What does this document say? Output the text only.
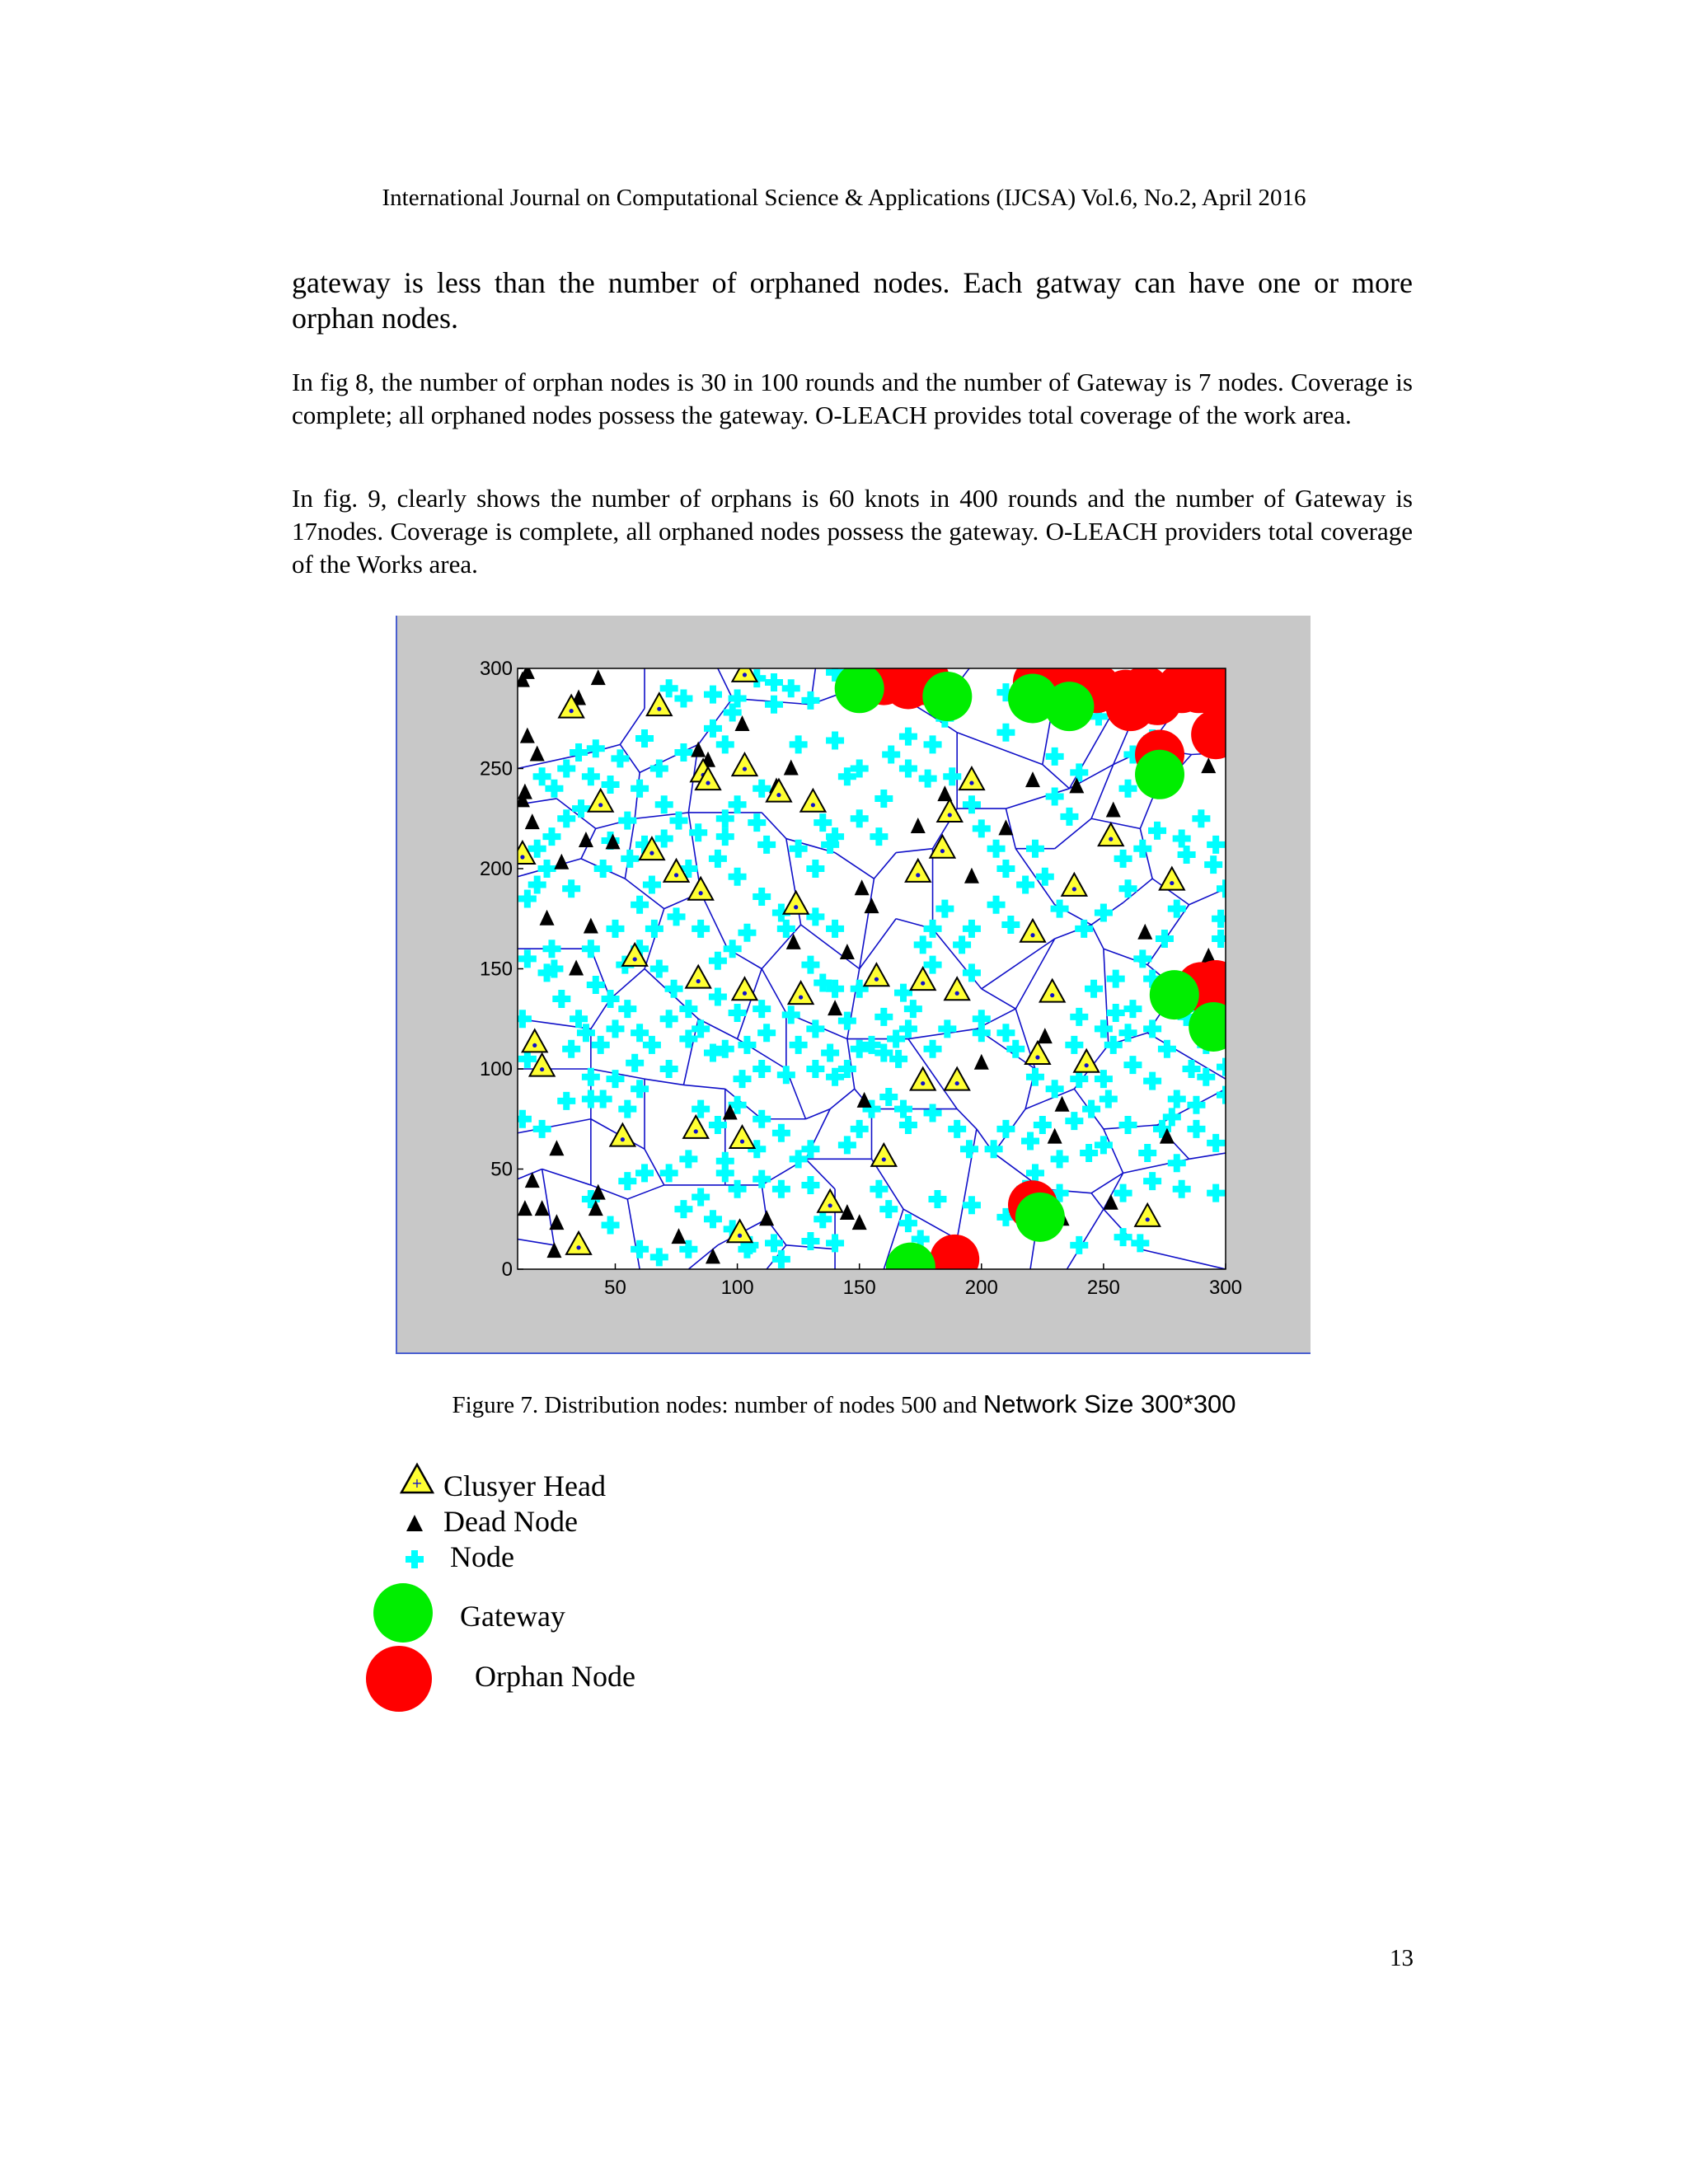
International Journal on Computational Science & Applications (IJCSA) Vol.6, No.2, April 2016
gateway is less than the number of orphaned nodes. Each gatway can have one or more orphan nodes.
In fig 8, the number of orphan nodes is 30 in 100 rounds and the number of Gateway is 7 nodes. Coverage is complete; all orphaned nodes possess the gateway. O-LEACH provides total coverage of the work area.
In fig. 9, clearly shows the number of orphans is 60 knots in 400 rounds and the number of Gateway is 17nodes. Coverage is complete, all orphaned nodes possess the gateway. O-LEACH providers total coverage of the Works area.
50	100	150	200	250	300
0
50
100
150
200
250
300
Figure 7. Distribution nodes: number of nodes 500 and Network Size 300*300
+ Clusyer Head
Dead Node
Node
Gateway
Orphan Node
13
